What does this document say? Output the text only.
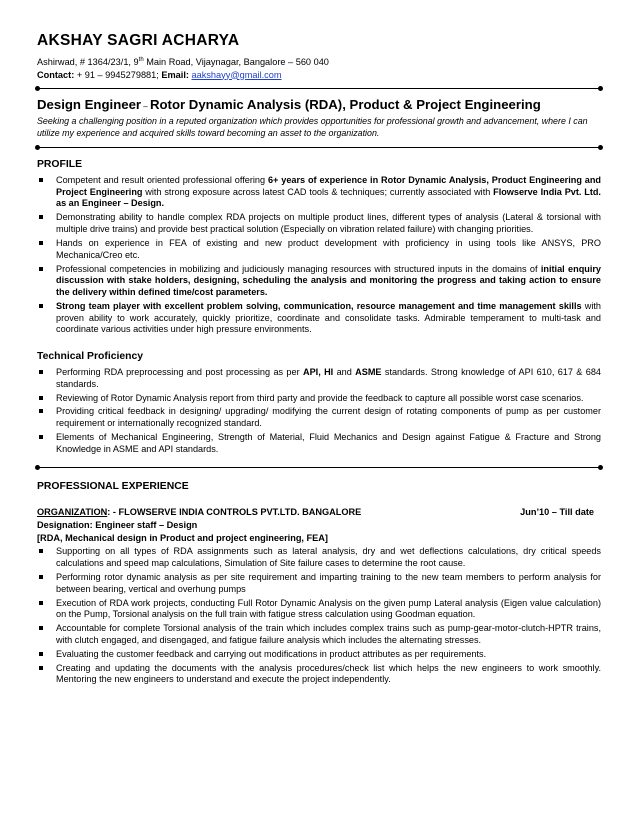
AKSHAY SAGRI ACHARYA
Ashirwad, # 1364/23/1, 9th Main Road, Vijaynagar, Bangalore – 560 040
Contact: + 91 – 9945279881; Email: aakshayy@gmail.com
Design Engineer – Rotor Dynamic Analysis (RDA), Product & Project Engineering
Seeking a challenging position in a reputed organization which provides opportunities for professional growth and advancement, where I can utilize my experience and acquired skills toward becoming an asset to the organization.
PROFILE
Competent and result oriented professional offering 6+ years of experience in Rotor Dynamic Analysis, Product Engineering and Project Engineering with strong exposure across latest CAD tools & techniques; currently associated with Flowserve India Pvt. Ltd. as an Engineer – Design.
Demonstrating ability to handle complex RDA projects on multiple product lines, different types of analysis (Lateral & torsional with multiple drive trains) and provide best practical solution (Especially on vibration related failure) with changing priorities.
Hands on experience in FEA of existing and new product development with proficiency in using tools like ANSYS, PRO Mechanica/Creo etc.
Professional competencies in mobilizing and judiciously managing resources with structured inputs in the domains of initial enquiry discussion with stake holders, designing, scheduling the analysis and monitoring the progress and taking action to ensure the delivery within defined time/cost parameters.
Strong team player with excellent problem solving, communication, resource management and time management skills with proven ability to work accurately, quickly prioritize, coordinate and consolidate tasks. Admirable temperament to multi-task and coordinate various activities under high pressure environments.
Technical Proficiency
Performing RDA preprocessing and post processing as per API, HI and ASME standards. Strong knowledge of API 610, 617 & 684 standards.
Reviewing of Rotor Dynamic Analysis report from third party and provide the feedback to capture all possible worst case scenarios.
Providing critical feedback in designing/ upgrading/ modifying the current design of rotating components of pump as per customer requirement or internationally recognized standard.
Elements of Mechanical Engineering, Strength of Material, Fluid Mechanics and Design against Fatigue & Fracture and Strong Knowledge in ASME and API standards.
PROFESSIONAL EXPERIENCE
ORGANIZATION: - FLOWSERVE INDIA CONTROLS PVT.LTD. BANGALORE	Jun’10 – Till date
Designation: Engineer staff – Design
[RDA, Mechanical design in Product and project engineering, FEA]
Supporting on all types of RDA assignments such as lateral analysis, dry and wet deflections calculations, dry critical speeds calculations and speed map calculations, Simulation of Site failure cases to determine the root cause.
Performing rotor dynamic analysis as per site requirement and imparting training to the new team members to perform analysis for between bearing, vertical and overhung pumps
Execution of RDA work projects, conducting Full Rotor Dynamic Analysis on the given pump Lateral analysis (Eigen value calculation) on the Pump, Torsional analysis on the full train with fatigue stress calculation using Goodman equation.
Accountable for complete Torsional analysis of the train which includes complex trains such as pump-gear-motor-clutch-HPTR trains, with clutch engaged, and disengaged, and fatigue failure analysis which includes the alternating stresses.
Evaluating the customer feedback and carrying out modifications in product attributes as per requirements.
Creating and updating the documents with the analysis procedures/check list which helps the new engineers to work smoothly. Mentoring the new engineers to understand and execute the project independently.
